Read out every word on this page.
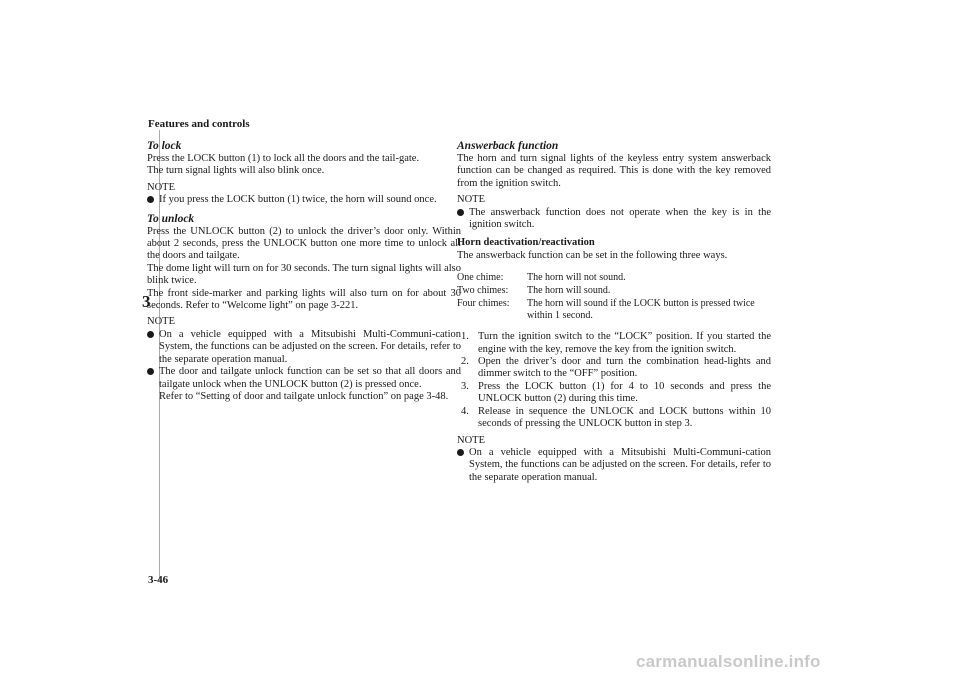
Features and controls
3
3-46
To lock

Press the LOCK button (1) to lock all the doors and the tail-gate.

The turn signal lights will also blink once.

NOTE
If you press the LOCK button (1) twice, the horn will sound once.
To unlock

Press the UNLOCK button (2) to unlock the driver’s door only. Within about 2 seconds, press the UNLOCK button one more time to unlock all the doors and tailgate.

The dome light will turn on for 30 seconds. The turn signal lights will also blink twice.

The front side-marker and parking lights will also turn on for about 30 seconds. Refer to “Welcome light” on page 3-221.

NOTE
On a vehicle equipped with a Mitsubishi Multi-Communi-cation System, the functions can be adjusted on the screen. For details, refer to the separate operation manual.
The door and tailgate unlock function can be set so that all doors and tailgate unlock when the UNLOCK button (2) is pressed once.
Refer to “Setting of door and tailgate unlock function” on page 3-48.
Answerback function

The horn and turn signal lights of the keyless entry system answerback function can be changed as required. This is done with the key removed from the ignition switch.

NOTE
The answerback function does not operate when the key is in the ignition switch.
Horn deactivation/reactivation

The answerback function can be set in the following three ways.

One chime:	The horn will not sound.
Two chimes:	The horn will sound.
Four chimes:	The horn will sound if the LOCK button is pressed twice within 1 second.
1. Turn the ignition switch to the “LOCK” position. If you started the engine with the key, remove the key from the ignition switch.
2. Open the driver’s door and turn the combination head-lights and dimmer switch to the “OFF” position.
3. Press the LOCK button (1) for 4 to 10 seconds and press the UNLOCK button (2) during this time.
4. Release in sequence the UNLOCK and LOCK buttons within 10 seconds of pressing the UNLOCK button in step 3.
NOTE
On a vehicle equipped with a Mitsubishi Multi-Communi-cation System, the functions can be adjusted on the screen. For details, refer to the separate operation manual.
carmanualsonline.info
